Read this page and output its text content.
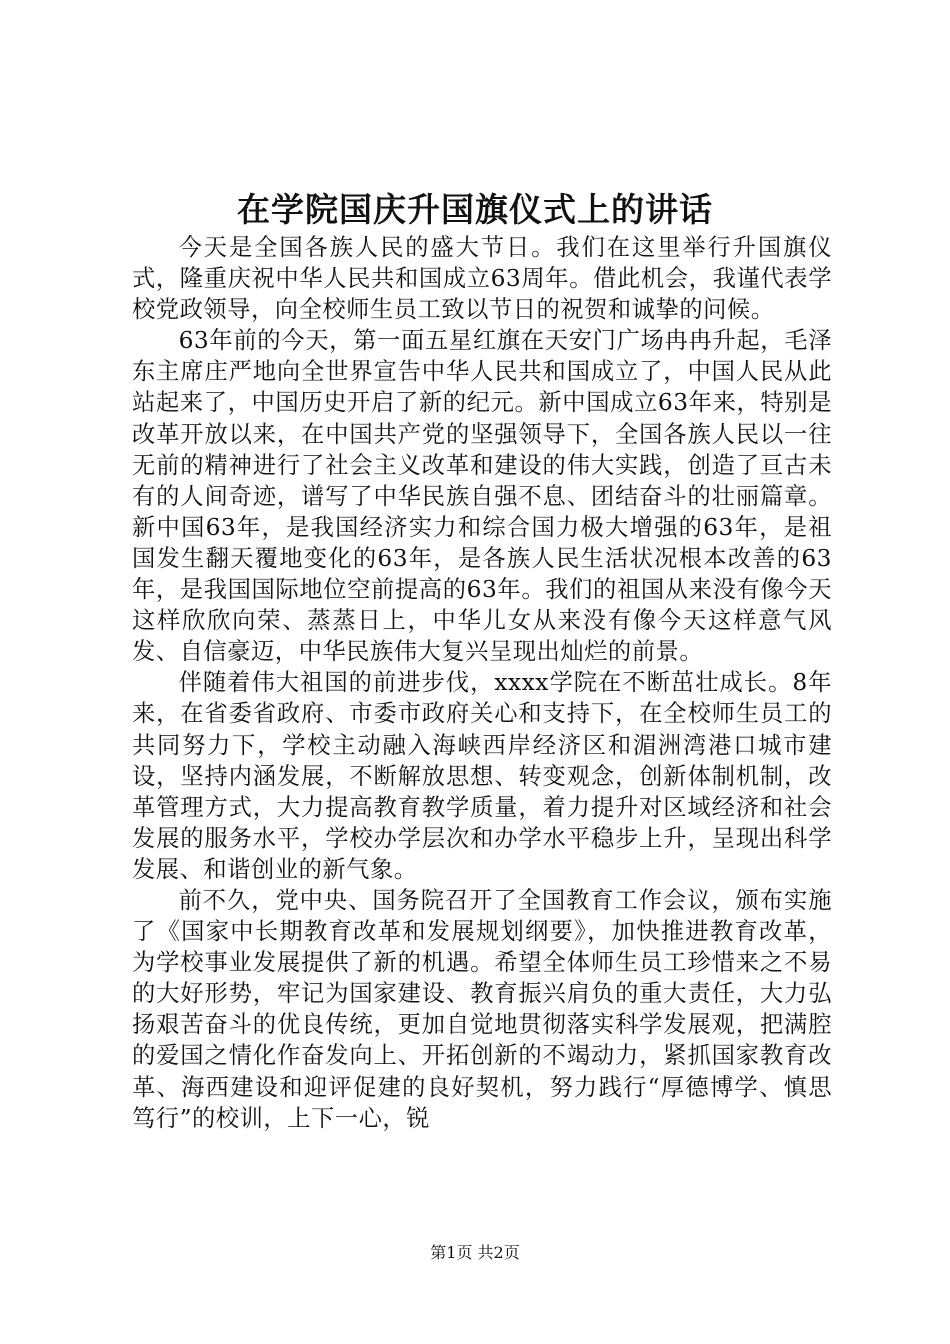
在学院国庆升国旗仪式上的讲话

今天是全国各族人民的盛大节日。我们在这里举行升国旗仪式，隆重庆祝中华人民共和国成立63周年。借此机会，我谨代表学校党政领导，向全校师生员工致以节日的祝贺和诚挚的问候。

63年前的今天，第一面五星红旗在天安门广场冉冉升起，毛泽东主席庄严地向全世界宣告中华人民共和国成立了，中国人民从此站起来了，中国历史开启了新的纪元。新中国成立63年来，特别是改革开放以来，在中国共产党的坚强领导下，全国各族人民以一往无前的精神进行了社会主义改革和建设的伟大实践，创造了亘古未有的人间奇迹，谱写了中华民族自强不息、团结奋斗的壮丽篇章。新中国63年，是我国经济实力和综合国力极大增强的63年，是祖国发生翻天覆地变化的63年，是各族人民生活状况根本改善的63年，是我国国际地位空前提高的63年。我们的祖国从来没有像今天这样欣欣向荣、蒸蒸日上，中华儿女从来没有像今天这样意气风发、自信豪迈，中华民族伟大复兴呈现出灿烂的前景。

伴随着伟大祖国的前进步伐，xxxx学院在不断茁壮成长。8年来，在省委省政府、市委市政府关心和支持下，在全校师生员工的共同努力下，学校主动融入海峡西岸经济区和湄洲湾港口城市建设，坚持内涵发展，不断解放思想、转变观念，创新体制机制，改革管理方式，大力提高教育教学质量，着力提升对区域经济和社会发展的服务水平，学校办学层次和办学水平稳步上升，呈现出科学发展、和谐创业的新气象。

前不久，党中央、国务院召开了全国教育工作会议，颁布实施了《国家中长期教育改革和发展规划纲要》，加快推进教育改革，为学校事业发展提供了新的机遇。希望全体师生员工珍惜来之不易的大好形势，牢记为国家建设、教育振兴肩负的重大责任，大力弘扬艰苦奋斗的优良传统，更加自觉地贯彻落实科学发展观，把满腔的爱国之情化作奋发向上、开拓创新的不竭动力，紧抓国家教育改革、海西建设和迎评促建的良好契机，努力践行“厚德博学、慎思笃行”的校训，上下一心，锐

第1页 共2页
